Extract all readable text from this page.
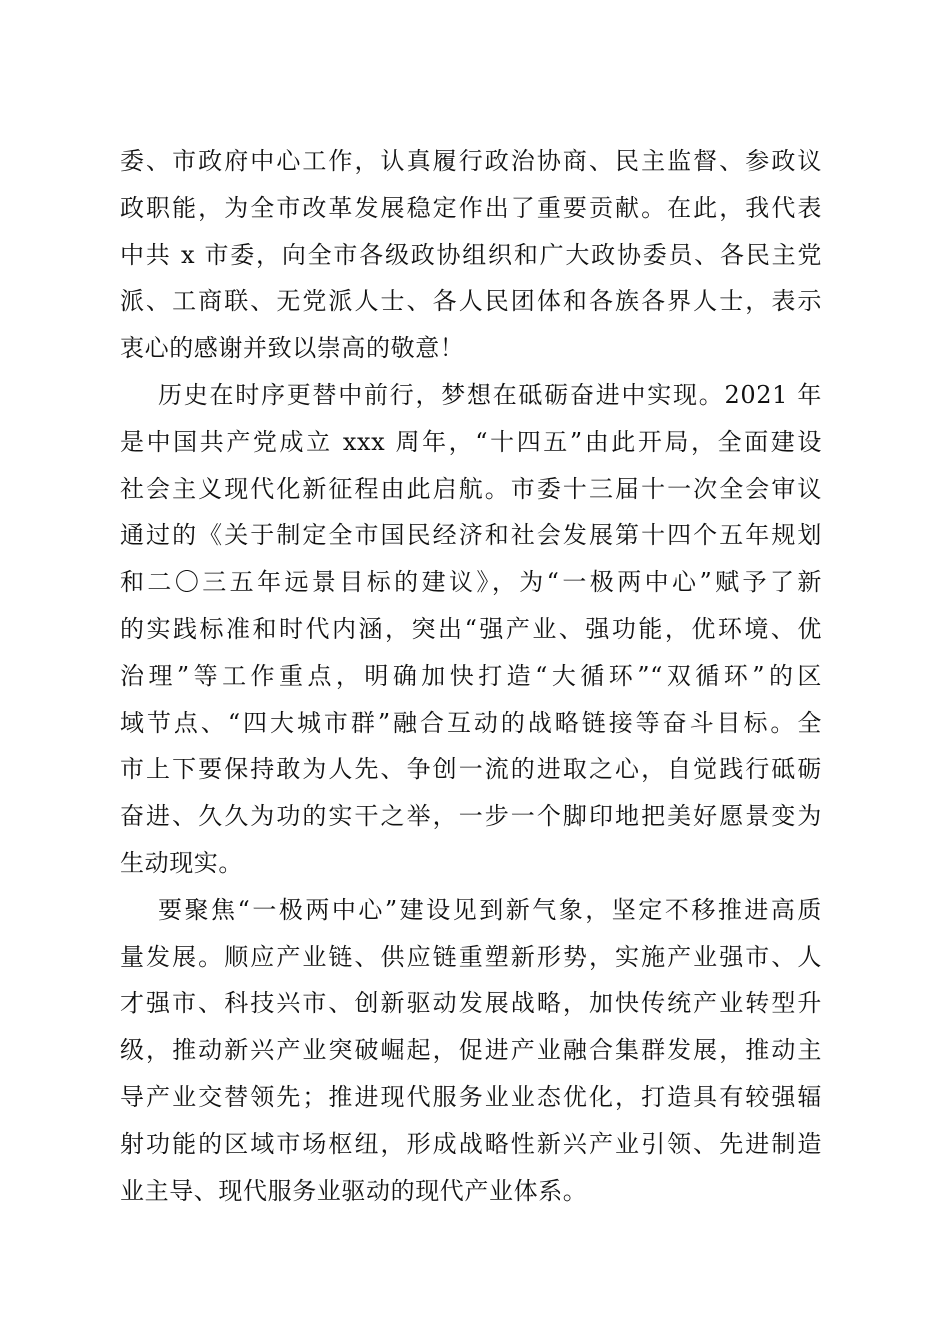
委、市政府中心工作，认真履行政治协商、民主监督、参政议
政职能，为全市改革发展稳定作出了重要贡献。在此，我代表
中共 x 市委，向全市各级政协组织和广大政协委员、各民主党
派、工商联、无党派人士、各人民团体和各族各界人士，表示
衷心的感谢并致以崇高的敬意！

历史在时序更替中前行，梦想在砥砺奋进中实现。2021 年
是中国共产党成立 xxx 周年，“十四五”由此开局，全面建设
社会主义现代化新征程由此启航。市委十三届十一次全会审议
通过的《关于制定全市国民经济和社会发展第十四个五年规划
和二〇三五年远景目标的建议》，为“一极两中心”赋予了新
的实践标准和时代内涵，突出“强产业、强功能，优环境、优
治理”等工作重点，明确加快打造“大循环”“双循环”的区
域节点、“四大城市群”融合互动的战略链接等奋斗目标。全
市上下要保持敢为人先、争创一流的进取之心，自觉践行砥砺
奋进、久久为功的实干之举，一步一个脚印地把美好愿景变为
生动现实。

要聚焦“一极两中心”建设见到新气象，坚定不移推进高质
量发展。顺应产业链、供应链重塑新形势，实施产业强市、人
才强市、科技兴市、创新驱动发展战略，加快传统产业转型升
级，推动新兴产业突破崛起，促进产业融合集群发展，推动主
导产业交替领先；推进现代服务业业态优化，打造具有较强辐
射功能的区域市场枢纽，形成战略性新兴产业引领、先进制造
业主导、现代服务业驱动的现代产业体系。
